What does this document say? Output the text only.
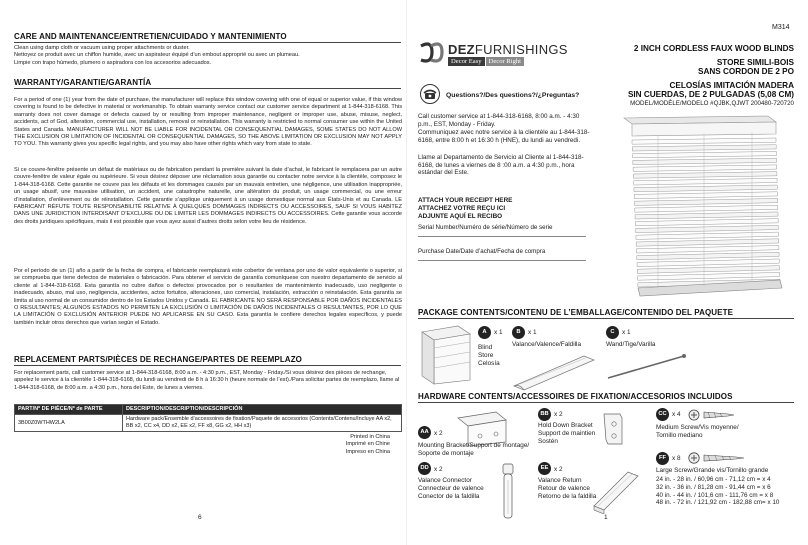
CARE AND MAINTENANCE/ENTRETIEN/CUIDADO Y MANTENIMIENTO
Clean using damp cloth or vacuum using proper attachments or duster.
Nettoyez ce produit avec un chiffon humide, avec un aspirateur équipé d’un embout approprié ou avec un plumeau.
Limpie con trapo húmedo, plumero o aspiradora con los accesorios adecuados.
WARRANTY/GARANTIE/GARANTÍA
For a period of one (1) year from the date of purchase, the manufacturer will replace this window covering with one of equal or superior value, if this window covering is found to be defective in material or workmanship. To obtain warranty service contact our customer service department at 1-844-318-6168. This warranty does not cover damage or defects caused by or resulting from improper maintenance, negligent or improper use, abuse, misuse, neglect, accidents, act of God, alteration, commercial use, installation, removal or reinstallation. This warranty is restricted to normal consumer use within the United States and Canada. MANUFACTURER WILL NOT BE LIABLE FOR INCIDENTAL OR CONSEQUENTIAL DAMAGES, SOME STATES DO NOT ALLOW THE EXCLUSION OR LIMITATION OF INCIDENTAL OR CONSEQUENTIAL DAMAGES, SO THE ABOVE LIMITATION OR EXCLUSION MAY NOT APPLY TO YOU. This warranty gives you specific legal rights, and you may also have other rights which vary from state to state.
Si ce couvre-fenêtre présente un défaut de matériaux ou de fabrication pendant la première suivant la date d’achat, le fabricant le remplacera par un autre couvre-fenêtre de valeur égale ou supérieure. Si vous désirez déposer une réclamation sous garantie ou contacter notre service à la clientèle, composez le 1-844-318-6168. Cette garantie ne couvre pas les défauts et les dommages causés par un mauvais entretien, une négligence, une utilisation inappropriée, un usage abusif, une mauvaise utilisation, un accident, une catastrophe naturelle, une altération du produit, un usage commercial, ou une erreur d’installation, d’enlèvement ou de réinstallation. Cette garantie s’applique uniquement à un usage domestique normal aux États-Unis et au Canada. LE FABRICANT RÉFUTE TOUTE RESPONSABILITÉ RELATIVE À QUELQUES DOMMAGES INDIRECTS OU ACCESSOIRES, SAUF SI VOUS HABITEZ DANS UNE JURIDICTION INTERDISANT D’EXCLURE OU DE LIMITER LES DOMMAGES INDIRECTS OU ACCESSOIRES. Cette garantie vous accorde des droits juridiques spécifiques, mais il est possible que vous ayez aussi d’autres droits selon votre lieu de résidence.
Por el período de un (1) año a partir de la fecha de compra, el fabricante reemplazará este cobertor de ventana por uno de valor equivalente o superior, si se comprueba que tiene defectos de materiales o fabricación. Para obtener el servicio de garantía comuníquese con nuestro departamento de servicio al cliente al 1-844-318-6168. Esta garantía no cubre daños o defectos provocados por o resultantes de mantenimiento inadecuado, uso negligente o inadecuado, abuso, mal uso, negligencia, accidentes, actos fortuitos, alteraciones, uso comercial, instalación, extracción o reinstalación. Esta garantía se limita al uso normal de un consumidor dentro de los Estados Unidos y Canadá. EL FABRICANTE NO SERÁ RESPONSABLE POR DAÑOS INCIDENTALES O RESULTANTES; ALGUNOS ESTADOS NO PERMITEN LA EXCLUSIÓN O LIMITACIÓN DE DAÑOS INCIDENTALES O RESULTANTES, POR LO QUE LA LIMITACIÓN O EXCLUSIÓN ANTERIOR PUEDE NO APLICARSE EN SU CASO. Esta garantía le confiere derechos legales específicos, y puede también incluir otros derechos que varían según el Estado.
REPLACEMENT PARTS/PIÈCES DE RECHANGE/PARTES DE REEMPLAZO
For replacement parts, call customer service at 1-844-318-6168, 8:00 a.m. - 4:30 p.m., EST, Monday - Friday./Si vous désirez des pièces de rechange, appelez le service à la clientèle 1-844-318-6168, du lundi au vendredi de 8 h à 16:30 h (heure normale de l’est)./Para solicitar partes de reemplazo, llame al 1-844-318-6168, de 8:00 a.m. a 4:30 p.m., hora del Este, de lunes a viernes.
PART/Nº DE PIÈCE/Nº de PARTE	DESCRIPTION/DESCRIPTION/DESCRIPCIÓN
3B00Z0WTHW2LA	Hardware pack/Ensemble d’accessoires de fixation/Paquete de accesorios (Contents/Contenu/Incluye AA x2, BB x2, CC x4, DD x2, EE x2, FF x8, GG x2, HH x3)
Printed in China
Imprimé en Chine
Impreso en China
6
M314
DEZFURNISHINGS
Decor Easy	Decor Right
2 INCH CORDLESS FAUX WOOD BLINDS
STORE SIMILI-BOIS
SANS CORDON DE 2 PO
CELOSÍAS IMITACIÓN MADERA
SIN CUERDAS, DE 2 PULGADAS (5,08 CM)
MODEL/MODÈLE/MODELO #QJBK,QJWT 200480-720720
Questions?/Des questions?/¿Preguntas?
Call customer service at 1-844-318-6168, 8:00 a.m. - 4:30 p.m., EST, Monday - Friday.
Communiquez avec notre service à la clientèle au 1-844-318-6168, entre 8:00 h et 16:30 h (HNE), du lundi au vendredi.
Llame al Departamento de Servicio al Cliente al 1-844-318-6168, de lunes a viernes de 8 :00 a.m. a 4:30 p.m., hora estándar del Este.
ATTACH YOUR RECEIPT HERE
ATTACHEZ VOTRE REÇU ICI
ADJUNTE AQUÍ EL RECIBO
Serial Number/Numéro de série/Número de serie
Purchase Date/Date d’achat/Fecha de compra
PACKAGE CONTENTS/CONTENU DE L’EMBALLAGE/CONTENIDO DEL PAQUETE
A	x 1
Blind
Store
Celosía
B	x 1
Valance/Valence/Faldilla
C	x 1
Wand/Tige/Varilla
HARDWARE CONTENTS/ACCESSOIRES DE FIXATION/ACCESORIOS INCLUIDOS
AA x 2
Mounting Bracket/Support de montage/
Soporte de montaje
BB x 2
Hold Down Bracket
Support de maintien
Sostén
CC x 4
Medium Screw/Vis moyenne/
Tornillo mediano
DD x 2
Valance Connector
Connecteur de valence
Conector de la faldilla
EE x 2
Valance Return
Retour de valence
Retorno de la faldilla
FF x 8
Large Screw/Grande vis/Tornillo grande
24 in. - 28 in. / 60,96 cm - 71,12 cm = x 4
32 in. - 36 in. / 81,28 cm - 91,44 cm = x 6
40 in. - 44 in. / 101,6 cm - 111,76 cm = x 8
48 in. - 72 in. / 121,92 cm - 182,88 cm= x 10
1
